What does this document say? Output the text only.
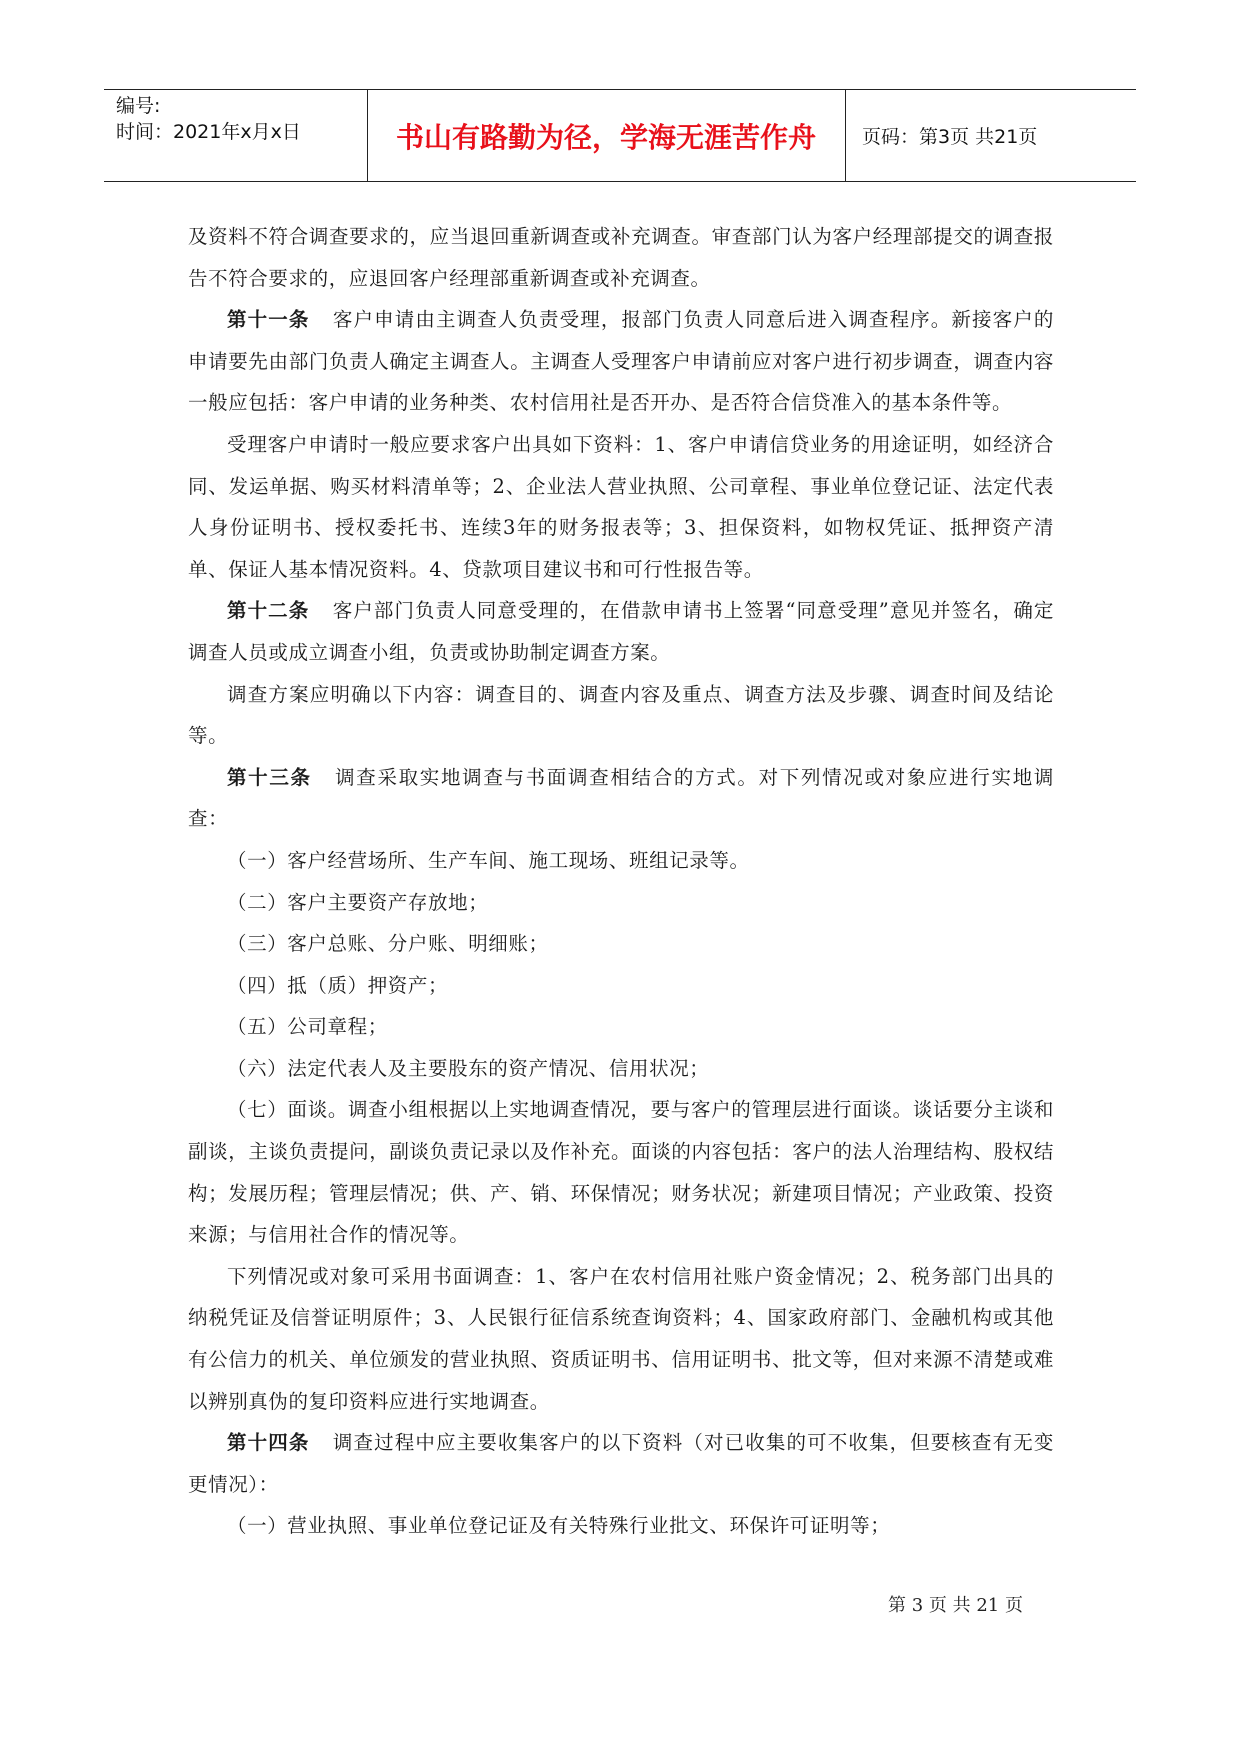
编号:
时间：2021年x月x日	书山有路勤为径，学海无涯苦作舟	页码：第3页 共21页

及资料不符合调查要求的，应当退回重新调查或补充调查。审查部门认为客户经理部提交的调查报告不符合要求的，应退回客户经理部重新调查或补充调查。

第十一条 客户申请由主调查人负责受理，报部门负责人同意后进入调查程序。新接客户的申请要先由部门负责人确定主调查人。主调查人受理客户申请前应对客户进行初步调查，调查内容一般应包括：客户申请的业务种类、农村信用社是否开办、是否符合信贷准入的基本条件等。

受理客户申请时一般应要求客户出具如下资料：1、客户申请信贷业务的用途证明，如经济合同、发运单据、购买材料清单等；2、企业法人营业执照、公司章程、事业单位登记证、法定代表人身份证明书、授权委托书、连续3年的财务报表等；3、担保资料，如物权凭证、抵押资产清单、保证人基本情况资料。4、贷款项目建议书和可行性报告等。

第十二条 客户部门负责人同意受理的，在借款申请书上签署“同意受理”意见并签名，确定调查人员或成立调查小组，负责或协助制定调查方案。

调查方案应明确以下内容：调查目的、调查内容及重点、调查方法及步骤、调查时间及结论等。

第十三条 调查采取实地调查与书面调查相结合的方式。对下列情况或对象应进行实地调查：

（一）客户经营场所、生产车间、施工现场、班组记录等。

（二）客户主要资产存放地；

（三）客户总账、分户账、明细账；

（四）抵（质）押资产；

（五）公司章程；

（六）法定代表人及主要股东的资产情况、信用状况；

（七）面谈。调查小组根据以上实地调查情况，要与客户的管理层进行面谈。谈话要分主谈和副谈，主谈负责提问，副谈负责记录以及作补充。面谈的内容包括：客户的法人治理结构、股权结构；发展历程；管理层情况；供、产、销、环保情况；财务状况；新建项目情况；产业政策、投资来源；与信用社合作的情况等。

下列情况或对象可采用书面调查：1、客户在农村信用社账户资金情况；2、税务部门出具的纳税凭证及信誉证明原件；3、人民银行征信系统查询资料；4、国家政府部门、金融机构或其他有公信力的机关、单位颁发的营业执照、资质证明书、信用证明书、批文等，但对来源不清楚或难以辨别真伪的复印资料应进行实地调查。

第十四条 调查过程中应主要收集客户的以下资料（对已收集的可不收集，但要核查有无变更情况）：

（一）营业执照、事业单位登记证及有关特殊行业批文、环保许可证明等；

第 3 页 共 21 页
